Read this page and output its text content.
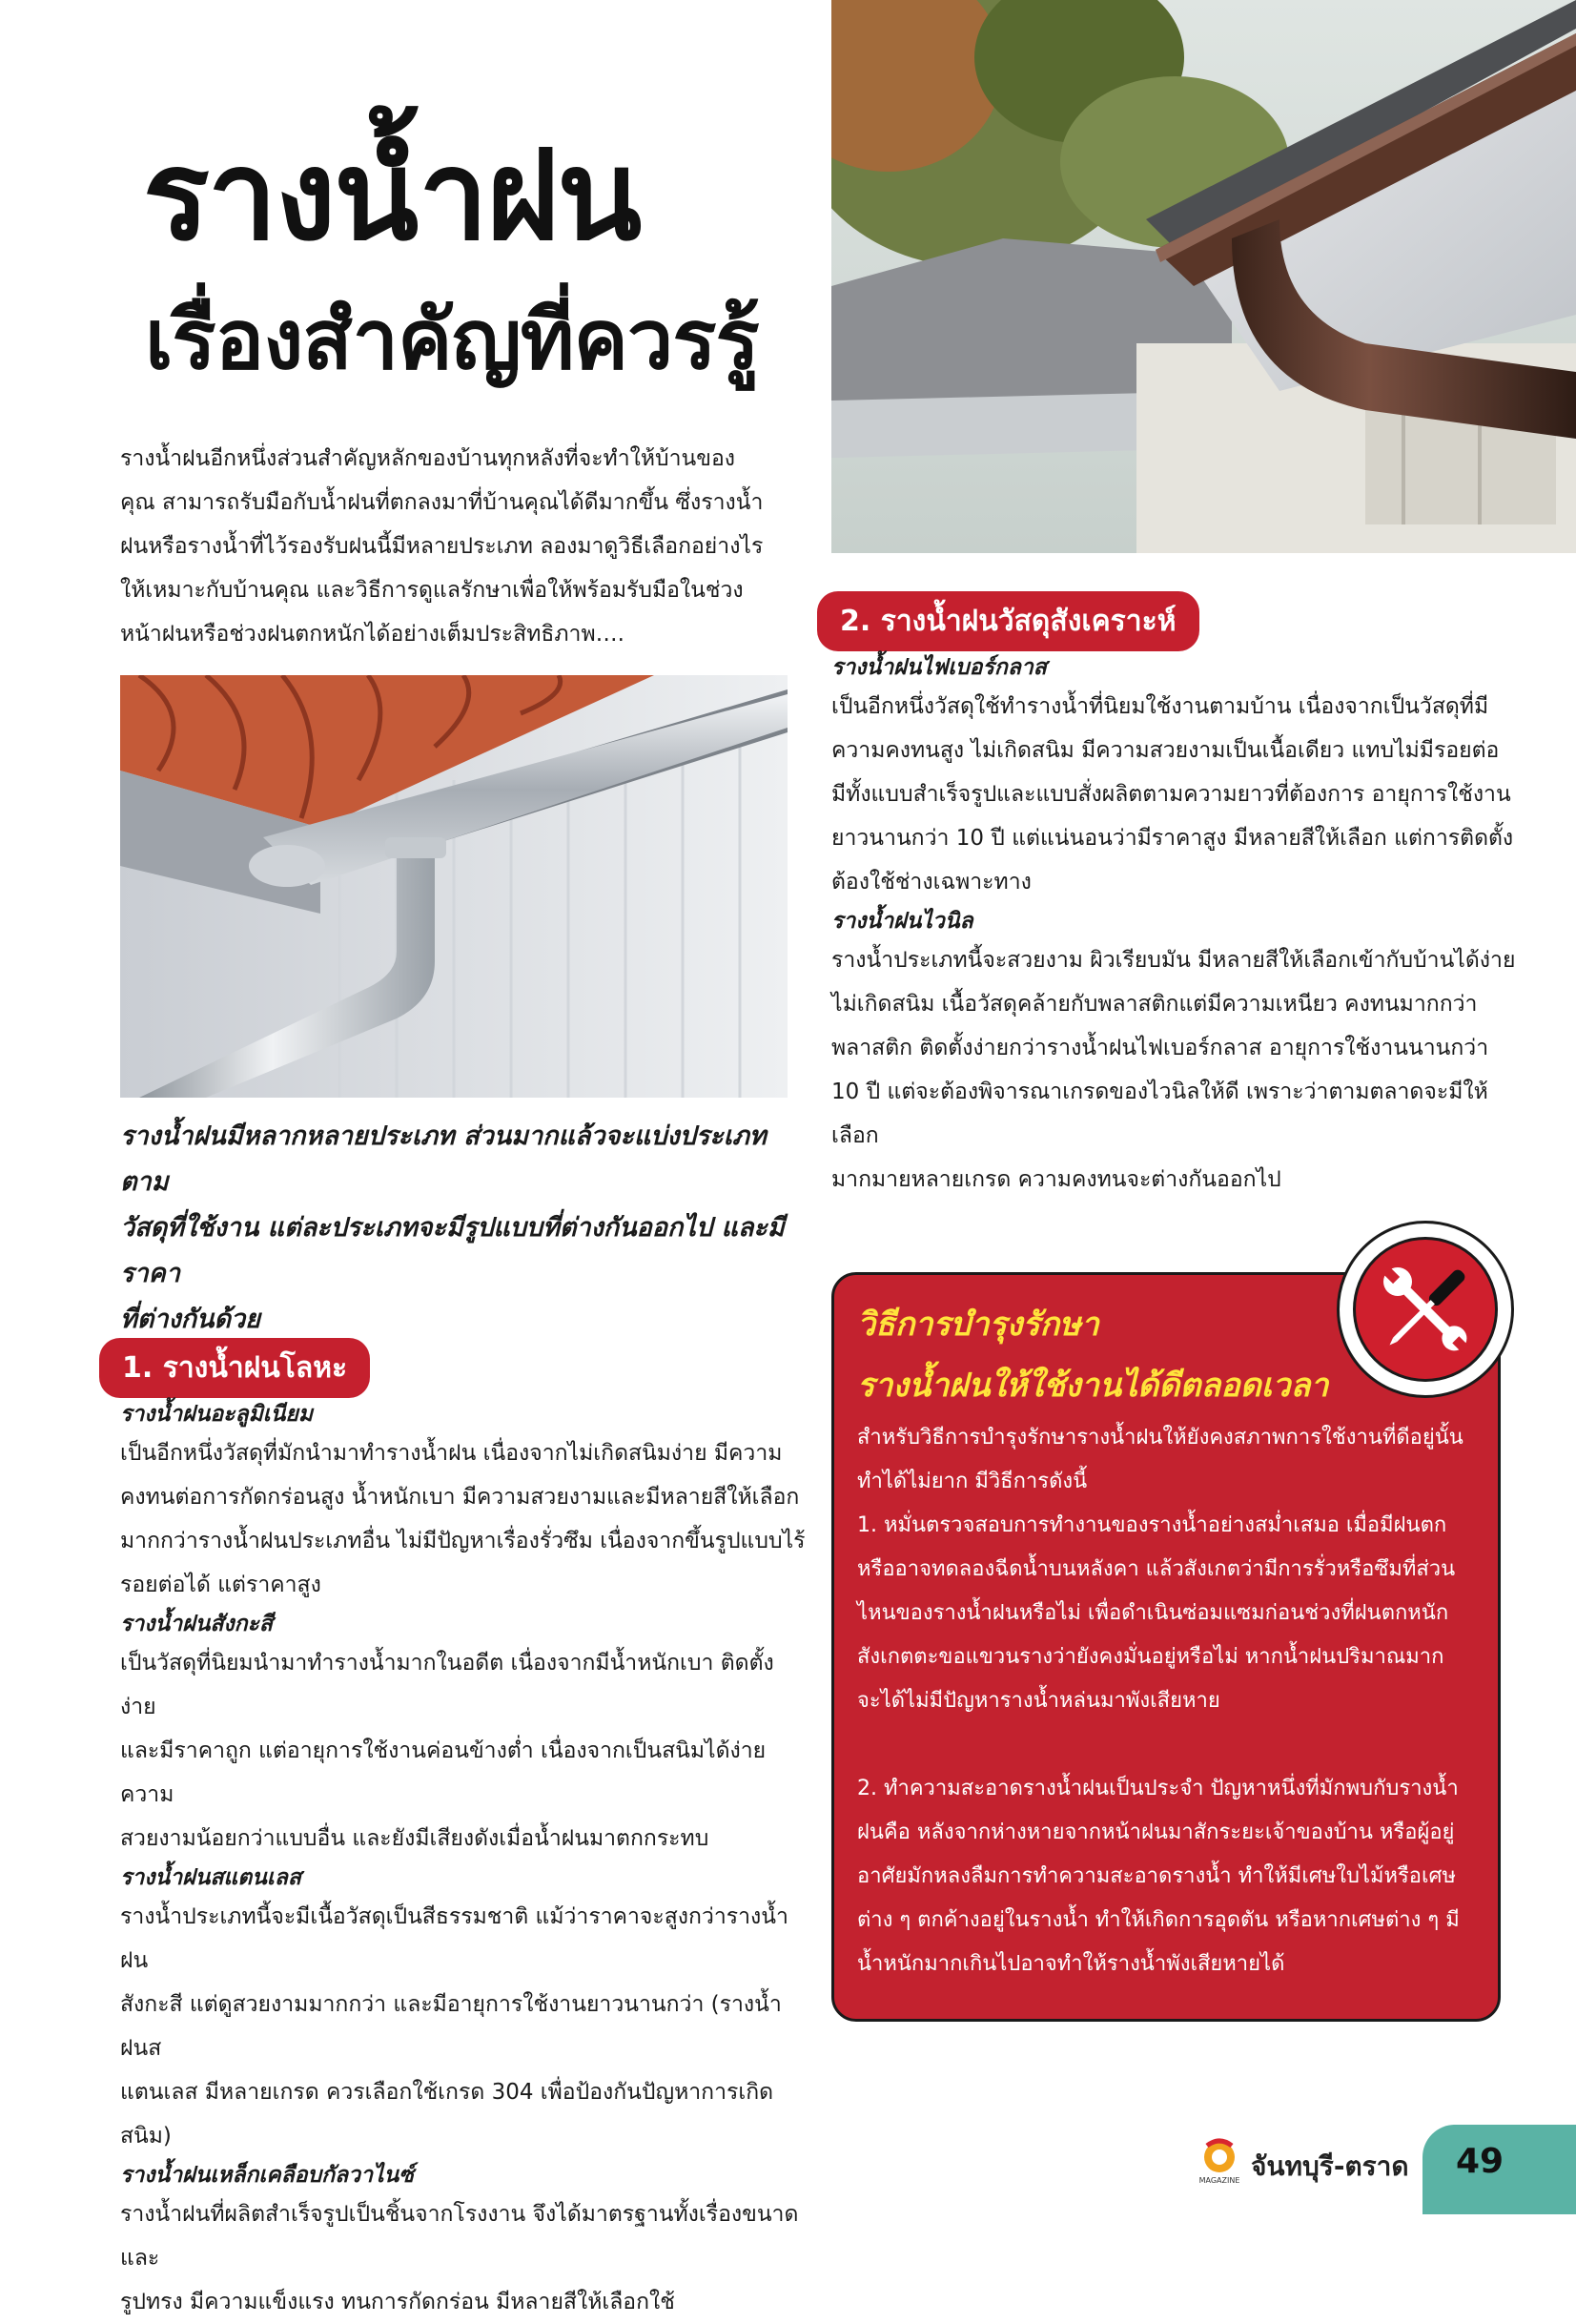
รางน้ำฝน
เรื่องสำคัญที่ควรรู้
รางน้ำฝนอีกหนึ่งส่วนสำคัญหลักของบ้านทุกหลังที่จะทำให้บ้านของ
คุณ สามารถรับมือกับน้ำฝนที่ตกลงมาที่บ้านคุณได้ดีมากขึ้น ซึ่งรางน้ำ
ฝนหรือรางน้ำที่ไว้รองรับฝนนี้มีหลายประเภท ลองมาดูวิธีเลือกอย่างไร
ให้เหมาะกับบ้านคุณ และวิธีการดูแลรักษาเพื่อให้พร้อมรับมือในช่วง
หน้าฝนหรือช่วงฝนตกหนักได้อย่างเต็มประสิทธิภาพ….
รางน้ำฝนมีหลากหลายประเภท ส่วนมากแล้วจะแบ่งประเภทตาม
วัสดุที่ใช้งาน แต่ละประเภทจะมีรูปแบบที่ต่างกันออกไป และมีราคา
ที่ต่างกันด้วย
1. รางน้ำฝนโลหะ
รางน้ำฝนอะลูมิเนียม
เป็นอีกหนึ่งวัสดุที่มักนำมาทำรางน้ำฝน เนื่องจากไม่เกิดสนิมง่าย มีความ
คงทนต่อการกัดกร่อนสูง น้ำหนักเบา มีความสวยงามและมีหลายสีให้เลือก
มากกว่ารางน้ำฝนประเภทอื่น ไม่มีปัญหาเรื่องรั่วซึม เนื่องจากขึ้นรูปแบบไร้
รอยต่อได้ แต่ราคาสูง
รางน้ำฝนสังกะสี
เป็นวัสดุที่นิยมนำมาทำรางน้ำมากในอดีต เนื่องจากมีน้ำหนักเบา ติดตั้งง่าย
และมีราคาถูก แต่อายุการใช้งานค่อนข้างต่ำ เนื่องจากเป็นสนิมได้ง่าย ความ
สวยงามน้อยกว่าแบบอื่น และยังมีเสียงดังเมื่อน้ำฝนมาตกกระทบ
รางน้ำฝนสแตนเลส
รางน้ำประเภทนี้จะมีเนื้อวัสดุเป็นสีธรรมชาติ แม้ว่าราคาจะสูงกว่ารางน้ำฝน
สังกะสี แต่ดูสวยงามมากกว่า และมีอายุการใช้งานยาวนานกว่า (รางน้ำฝนส
แตนเลส มีหลายเกรด ควรเลือกใช้เกรด 304 เพื่อป้องกันปัญหาการเกิดสนิม)
รางน้ำฝนเหล็กเคลือบกัลวาไนซ์
รางน้ำฝนที่ผลิตสำเร็จรูปเป็นชิ้นจากโรงงาน จึงได้มาตรฐานทั้งเรื่องขนาดและ
รูปทรง มีความแข็งแรง ทนการกัดกร่อน มีหลายสีให้เลือกใช้
2. รางน้ำฝนวัสดุสังเคราะห์
รางน้ำฝนไฟเบอร์กลาส
เป็นอีกหนึ่งวัสดุใช้ทำรางน้ำที่นิยมใช้งานตามบ้าน เนื่องจากเป็นวัสดุที่มี
ความคงทนสูง ไม่เกิดสนิม มีความสวยงามเป็นเนื้อเดียว แทบไม่มีรอยต่อ
มีทั้งแบบสำเร็จรูปและแบบสั่งผลิตตามความยาวที่ต้องการ อายุการใช้งาน
ยาวนานกว่า 10 ปี แต่แน่นอนว่ามีราคาสูง มีหลายสีให้เลือก แต่การติดตั้ง
ต้องใช้ช่างเฉพาะทาง
รางน้ำฝนไวนิล
รางน้ำประเภทนี้จะสวยงาม ผิวเรียบมัน มีหลายสีให้เลือกเข้ากับบ้านได้ง่าย
ไม่เกิดสนิม เนื้อวัสดุคล้ายกับพลาสติกแต่มีความเหนียว คงทนมากกว่า
พลาสติก ติดตั้งง่ายกว่ารางน้ำฝนไฟเบอร์กลาส อายุการใช้งานนานกว่า
10 ปี แต่จะต้องพิจารณาเกรดของไวนิลให้ดี เพราะว่าตามตลาดจะมีให้เลือก
มากมายหลายเกรด ความคงทนจะต่างกันออกไป
วิธีการบำรุงรักษา
รางน้ำฝนให้ใช้งานได้ดีตลอดเวลา
สำหรับวิธีการบำรุงรักษารางน้ำฝนให้ยังคงสภาพการใช้งานที่ดีอยู่นั้น
ทำได้ไม่ยาก มีวิธีการดังนี้
1. หมั่นตรวจสอบการทำงานของรางน้ำอย่างสม่ำเสมอ เมื่อมีฝนตก
หรืออาจทดลองฉีดน้ำบนหลังคา แล้วสังเกตว่ามีการรั่วหรือซึมที่ส่วน
ไหนของรางน้ำฝนหรือไม่ เพื่อดำเนินซ่อมแซมก่อนช่วงที่ฝนตกหนัก
สังเกตตะขอแขวนรางว่ายังคงมั่นอยู่หรือไม่ หากน้ำฝนปริมาณมาก
จะได้ไม่มีปัญหารางน้ำหล่นมาพังเสียหาย
2. ทำความสะอาดรางน้ำฝนเป็นประจำ ปัญหาหนึ่งที่มักพบกับรางน้ำ
ฝนคือ หลังจากห่างหายจากหน้าฝนมาสักระยะเจ้าของบ้าน หรือผู้อยู่
อาศัยมักหลงลืมการทำความสะอาดรางน้ำ ทำให้มีเศษใบไม้หรือเศษ
ต่าง ๆ ตกค้างอยู่ในรางน้ำ ทำให้เกิดการอุดตัน หรือหากเศษต่าง ๆ มี
น้ำหนักมากเกินไปอาจทำให้รางน้ำพังเสียหายได้
MAGAZINE จันทบุรี-ตราด	49
